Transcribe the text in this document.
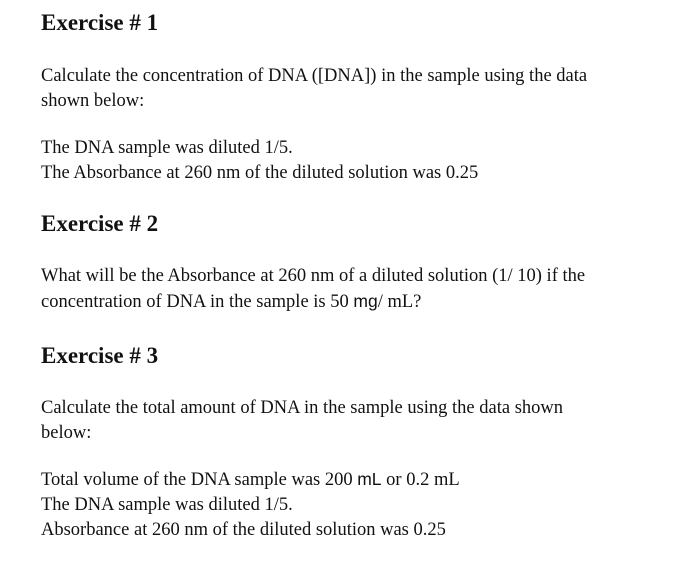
Exercise # 1

Calculate the concentration of DNA ([DNA]) in the sample using the data
shown below:

The DNA sample was diluted 1/5.
The Absorbance at 260 nm of the diluted solution was 0.25

Exercise # 2

What will be the Absorbance at 260 nm of a diluted solution (1/ 10) if the
concentration of DNA in the sample is 50 mg/ mL?

Exercise # 3

Calculate the total amount of DNA in the sample using the data shown
below:

Total volume of the DNA sample was 200 mL or 0.2 mL
The DNA sample was diluted 1/5.
Absorbance at 260 nm of the diluted solution was 0.25
